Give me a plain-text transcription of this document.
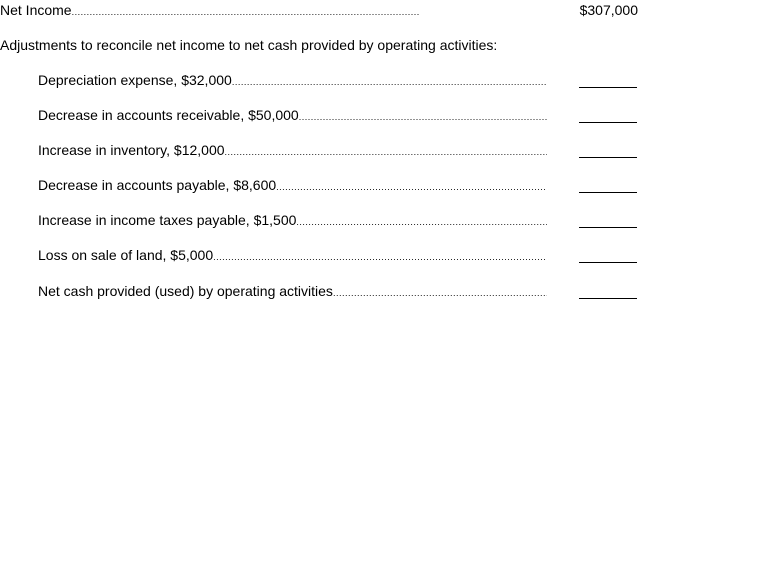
Net Income
. . .	$307,000
Adjustments to reconcile net income to net cash provided by operating activities:
Depreciation expense, $32,000
. . .
Decrease in accounts receivable, $50,000
. . .
Increase in inventory, $12,000
. . .
Decrease in accounts payable, $8,600
. . .
Increase in income taxes payable, $1,500
. . .
Loss on sale of land, $5,000
. . .
Net cash provided (used) by operating activities
. . .
